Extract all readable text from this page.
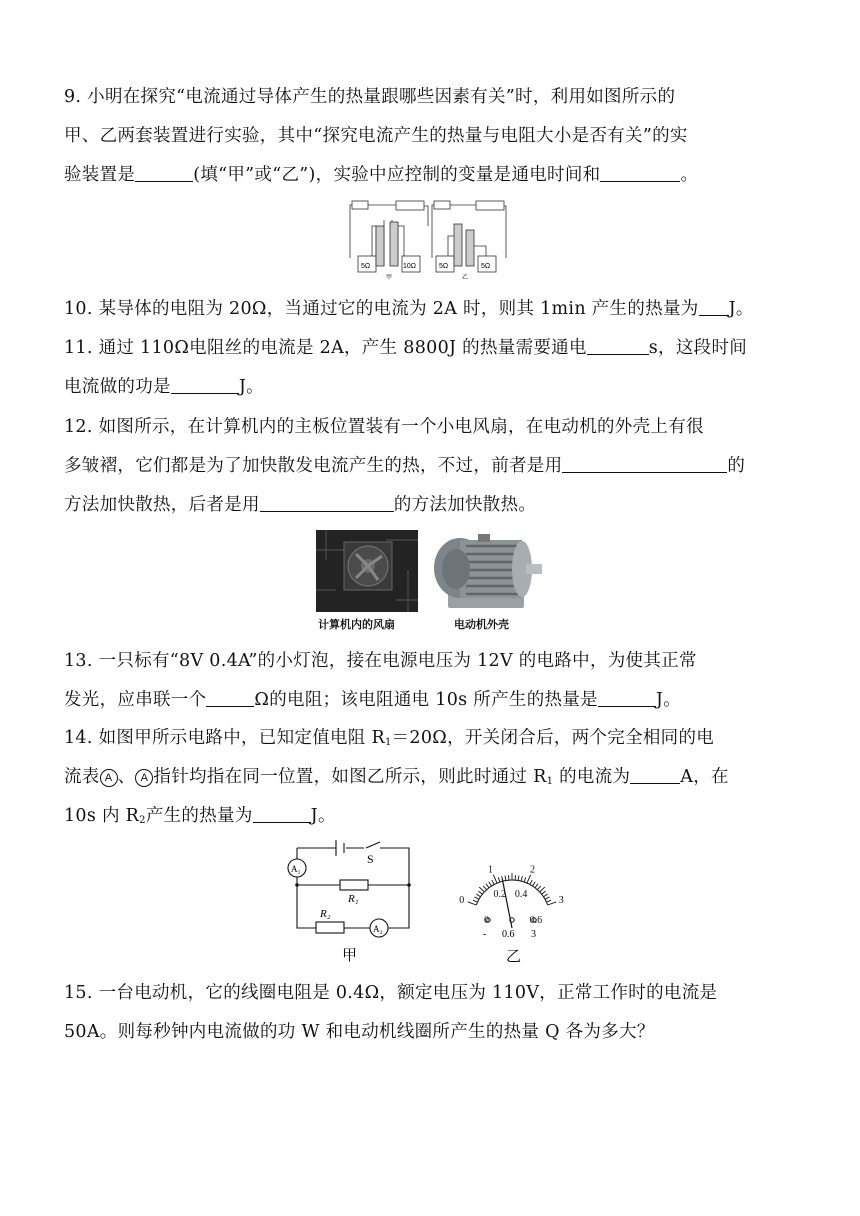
9. 小明在探究“电流通过导体产生的热量跟哪些因素有关”时，利用如图所示的
甲、乙两套装置进行实验，其中“探究电流产生的热量与电阻大小是否有关”的实
验装置是	(填“甲”或“乙”)，实验中应控制的变量是通电时间和	。
5Ω	10Ω	5Ω	5Ω
甲	乙
10. 某导体的电阻为 20Ω，当通过它的电流为 2A 时，则其 1min 产生的热量为 J。
11. 通过 110Ω电阻丝的电流是 2A，产生 8800J 的热量需要通电	s，这段时间
电流做的功是	J。
12. 如图所示，在计算机内的主板位置装有一个小电风扇，在电动机的外壳上有很
多皱褶，它们都是为了加快散发电流产生的热，不过，前者是用	的
方法加快散热，后者是用	的方法加快散热。
计算机内的风扇	电动机外壳
13. 一只标有“8V 0.4A”的小灯泡，接在电源电压为 12V 的电路中，为使其正常
发光，应串联一个	Ω的电阻；该电阻通电 10s 所产生的热量是	J。
14. 如图甲所示电路中，已知定值电阻 $R_1=20\Omega$，开关闭合后，两个完全相同的电
流表 A 、 A 指针均指在同一位置，如图乙所示，则此时通过 $R_1$ 的电流为	A，在
10s 内 $R_2$产生的热量为	J。
S
R₁
R₂
A₁
A₂
甲
0
1	2
3
0
0.2 0.4
0.6
- 0.6 3
乙
15. 一台电动机，它的线圈电阻是 0.4Ω，额定电压为 110V，正常工作时的电流是
50A。则每秒钟内电流做的功 W 和电动机线圈所产生的热量 Q 各为多大？
